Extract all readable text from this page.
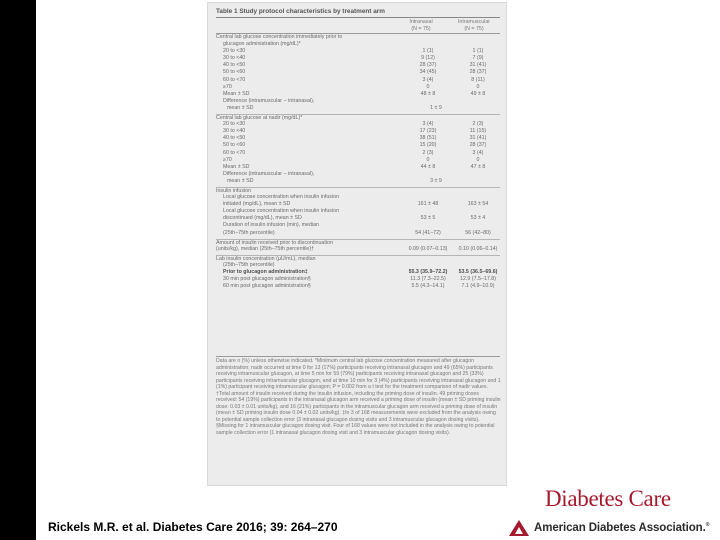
Table 1 Study protocol characteristics by treatment arm
Intranasal
(N = 75)
Intramuscular
(N = 75)
Central lab glucose concentration immediately prior to
glucagon administration (mg/dL)*
20 to <30	1 (1)	1 (1)
30 to <40	9 (12)	7 (9)
40 to <50	28 (37)	31 (41)
50 to <60	34 (45)	28 (37)
60 to <70	3 (4)	8 (11)
≥70	0	0
Mean ± SD	48 ± 8	49 ± 8
Difference (intramuscular − intranasal),
mean ± SD	1 ± 9
Central lab glucose at nadir (mg/dL)*
20 to <30	3 (4)	2 (3)
30 to <40	17 (23)	11 (15)
40 to <50	38 (51)	31 (41)
50 to <60	15 (20)	28 (37)
60 to <70	2 (3)	3 (4)
≥70	0	0
Mean ± SD	44 ± 8	47 ± 8
Difference (intramuscular − intranasal),
mean ± SD	3 ± 9
Insulin infusion
Local glucose concentration when insulin infusion
initiated (mg/dL), mean ± SD	161 ± 48	163 ± 54
Local glucose concentration when insulin infusion
discontinued (mg/dL), mean ± SD	53 ± 5	53 ± 4
Duration of insulin infusion (min), median
(25th−75th percentile)	54 (41–72)	56 (42–80)
Amount of insulin received prior to discontinuation
(units/kg), median (25th–75th percentile)†	0.09 (0.07–0.13)	0.10 (0.06–0.14)
Lab insulin concentration (μU/mL), median
(25th–75th percentile)
Prior to glucagon administration‡	55.3 (35.9–72.2)	53.5 (36.5–69.6)
30 min post glucagon administration§	11.3 (7.3–22.5)	12.9 (7.5–17.8)
60 min post glucagon administration§	5.5 (4.3–14.1)	7.1 (4.9–10.9)
Data are n (%) unless otherwise indicated. *Minimum central lab glucose concentration measured after glucagon administration; nadir occurred at time 0 for 13 (17%) participants receiving intranasal glucagon and 49 (65%) participants receiving intramuscular glucagon, at time 5 min for 59 (79%) participants receiving intranasal glucagon and 25 (33%) participants receiving intramuscular glucagon, and at time 10 min for 3 (4%) participants receiving intranasal glucagon and 1 (1%) participant receiving intramuscular glucagon; P = 0.002 from a t test for the treatment comparison of nadir values. †Total amount of insulin received during the insulin infusion, including the priming dose of insulin. 49 priming doses received: 54 (19%) participants in the intranasal glucagon arm received a priming dose of insulin (mean ± SD priming insulin dose: 0.03 ± 0.01 units/kg), and 16 (21%) participants in the intramuscular glucagon arm received a priming dose of insulin (mean ± SD priming insulin dose 0.04 ± 0.02 units/kg). ‡In 3 of 168 measurements were excluded from the analysis owing to potential sample collection error (3 intranasal glucagon dosing visits and 3 intramuscular glucagon dosing visits). §Missing for 1 intramuscular glucagon dosing visit. Four of 168 values were not included in the analysis owing to potential sample collection error (1 intranasal glucagon dosing visit and 3 intramuscular glucagon dosing visits).
Diabetes Care
American Diabetes Association.®
Rickels M.R. et al. Diabetes Care 2016; 39: 264–270
